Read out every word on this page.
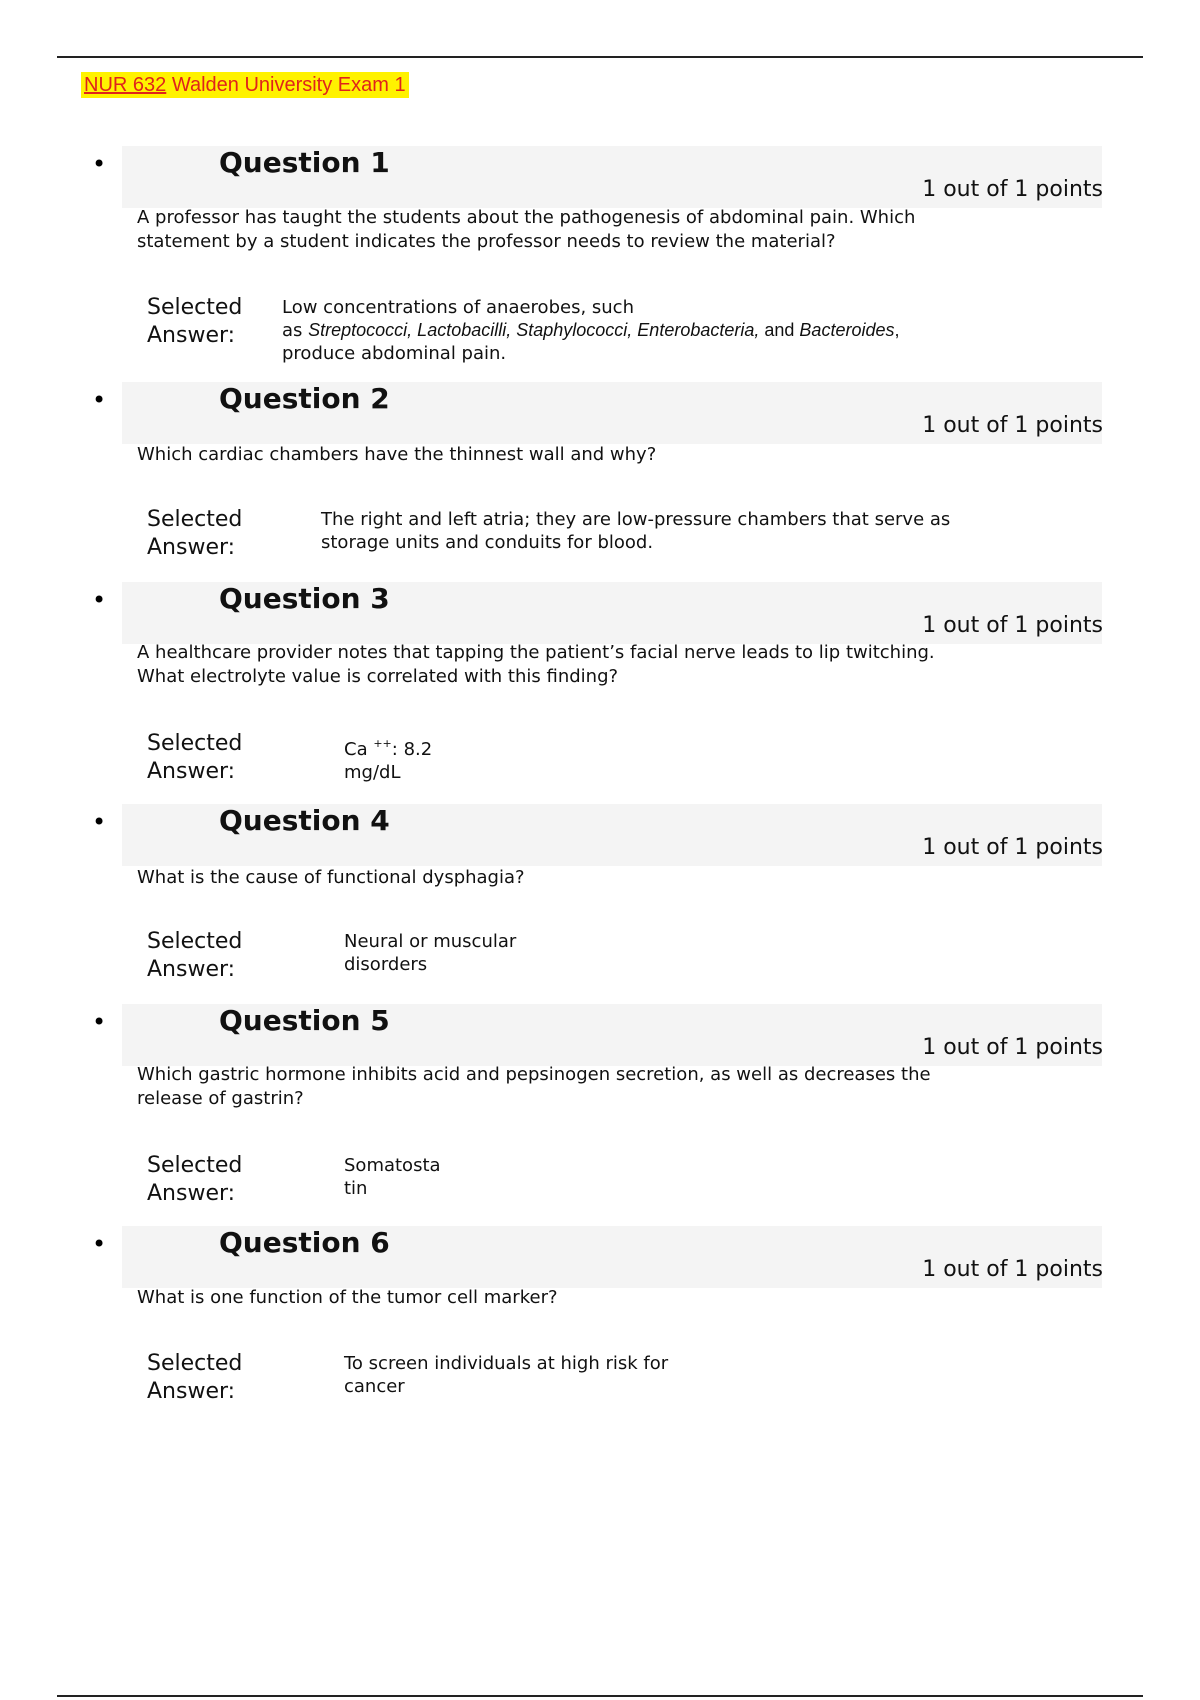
NUR 632 Walden University Exam 1
•	Question 1
1 out of 1 points
A professor has taught the students about the pathogenesis of abdominal pain. Which
statement by a student indicates the professor needs to review the material?
Selected
Answer:
Low concentrations of anaerobes, such
as Streptococci, Lactobacilli, Staphylococci, Enterobacteria, and Bacteroides,
produce abdominal pain.
•	Question 2
1 out of 1 points
Which cardiac chambers have the thinnest wall and why?
Selected
Answer:
The right and left atria; they are low-pressure chambers that serve as
storage units and conduits for blood.
•	Question 3
1 out of 1 points
A healthcare provider notes that tapping the patient’s facial nerve leads to lip twitching.
What electrolyte value is correlated with this finding?
Selected
Answer:
Ca ++: 8.2
mg/dL
•	Question 4
1 out of 1 points
What is the cause of functional dysphagia?
Selected
Answer:
Neural or muscular
disorders
•	Question 5
1 out of 1 points
Which gastric hormone inhibits acid and pepsinogen secretion, as well as decreases the
release of gastrin?
Selected
Answer:
Somatosta
tin
•	Question 6
1 out of 1 points
What is one function of the tumor cell marker?
Selected
Answer:
To screen individuals at high risk for
cancer
